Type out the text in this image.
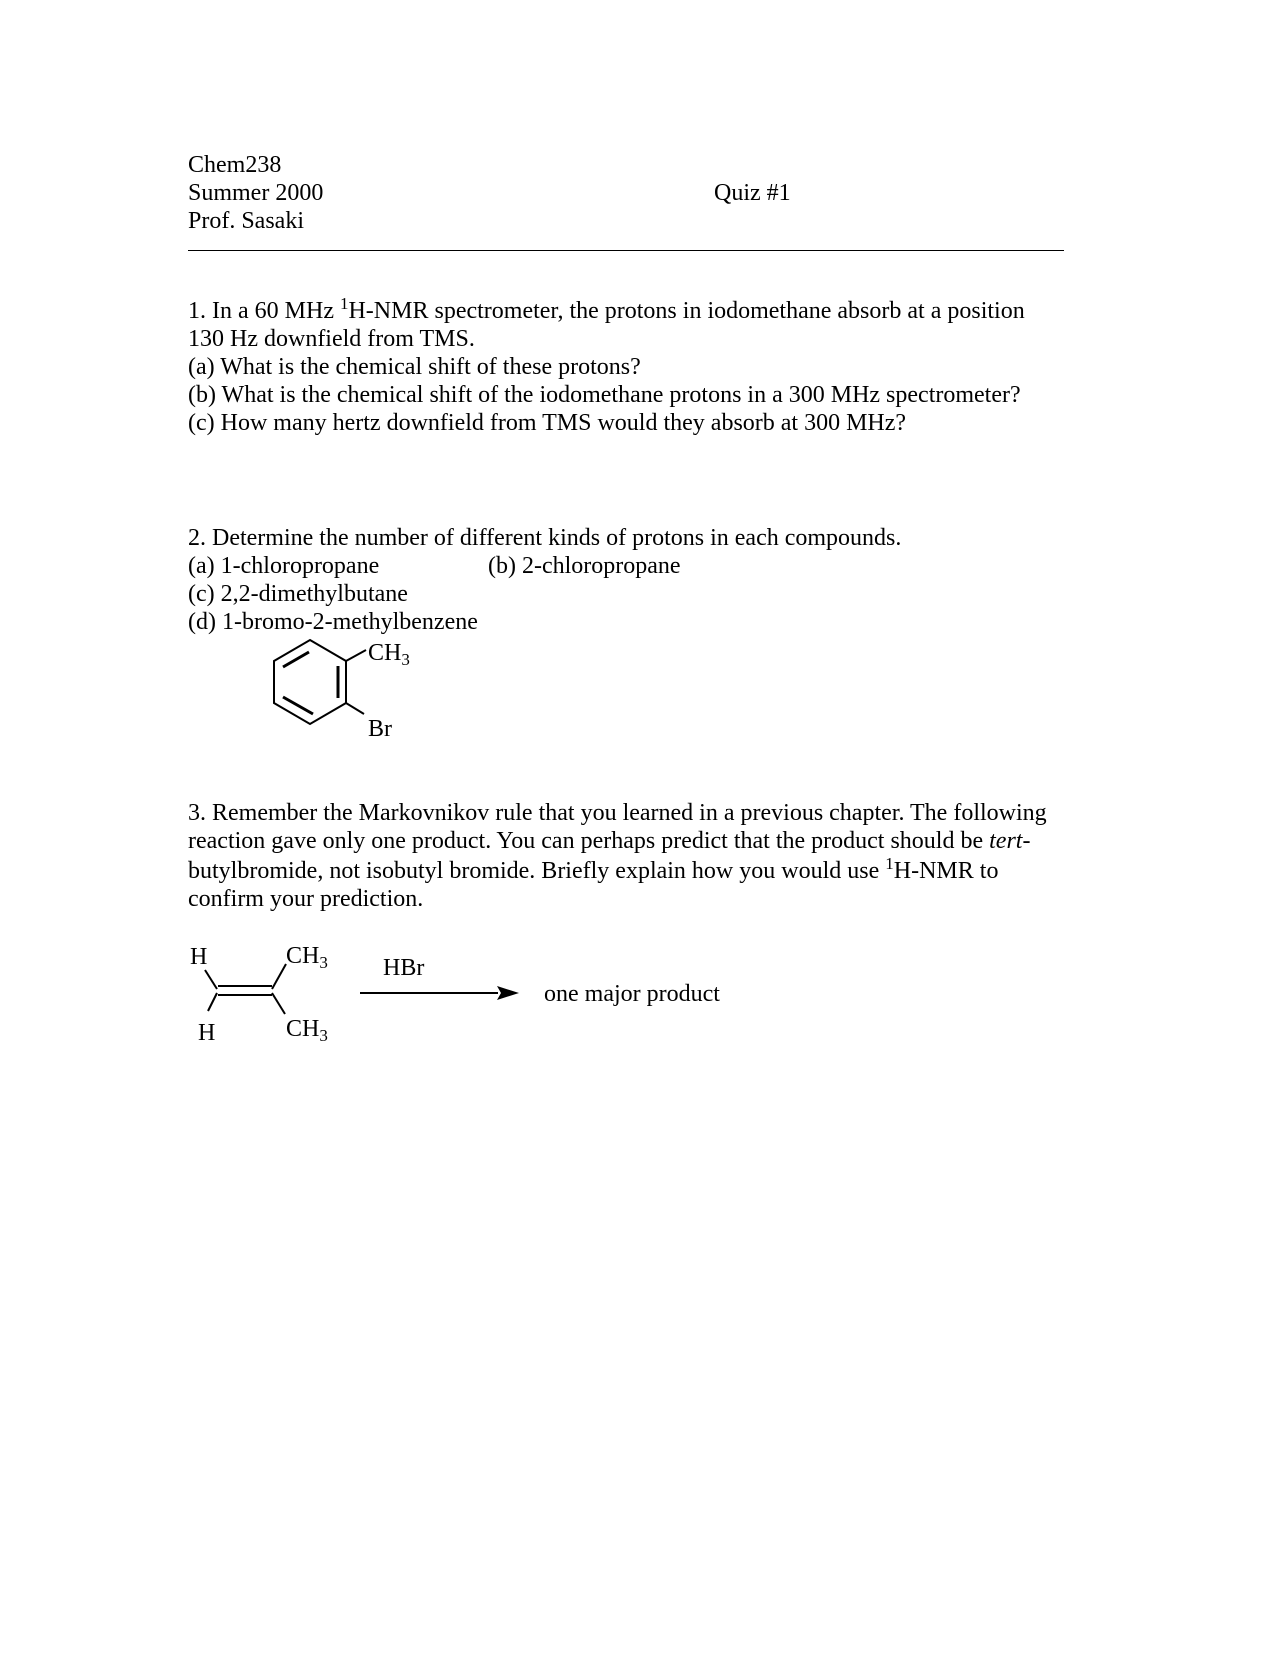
Chem238
Summer 2000
Prof. Sasaki
Quiz #1
1. In a 60 MHz $^1$H-NMR spectrometer, the protons in iodomethane absorb at a position
130 Hz downfield from TMS.
(a) What is the chemical shift of these protons?
(b) What is the chemical shift of the iodomethane protons in a 300 MHz spectrometer?
(c) How many hertz downfield from TMS would they absorb at 300 MHz?
2. Determine the number of different kinds of protons in each compounds.
(a) 1-chloropropane	(b) 2-chloropropane
(c) 2,2-dimethylbutane
(d) 1-bromo-2-methylbenzene
$CH_3$
Br
3. Remember the Markovnikov rule that you learned in a previous chapter. The following
reaction gave only one product. You can perhaps predict that the product should be tert-
butylbromide, not isobutyl bromide. Briefly explain how you would use $^1$H-NMR to
confirm your prediction.
H
H
$CH_3$
$CH_3$
HBr
one major product
